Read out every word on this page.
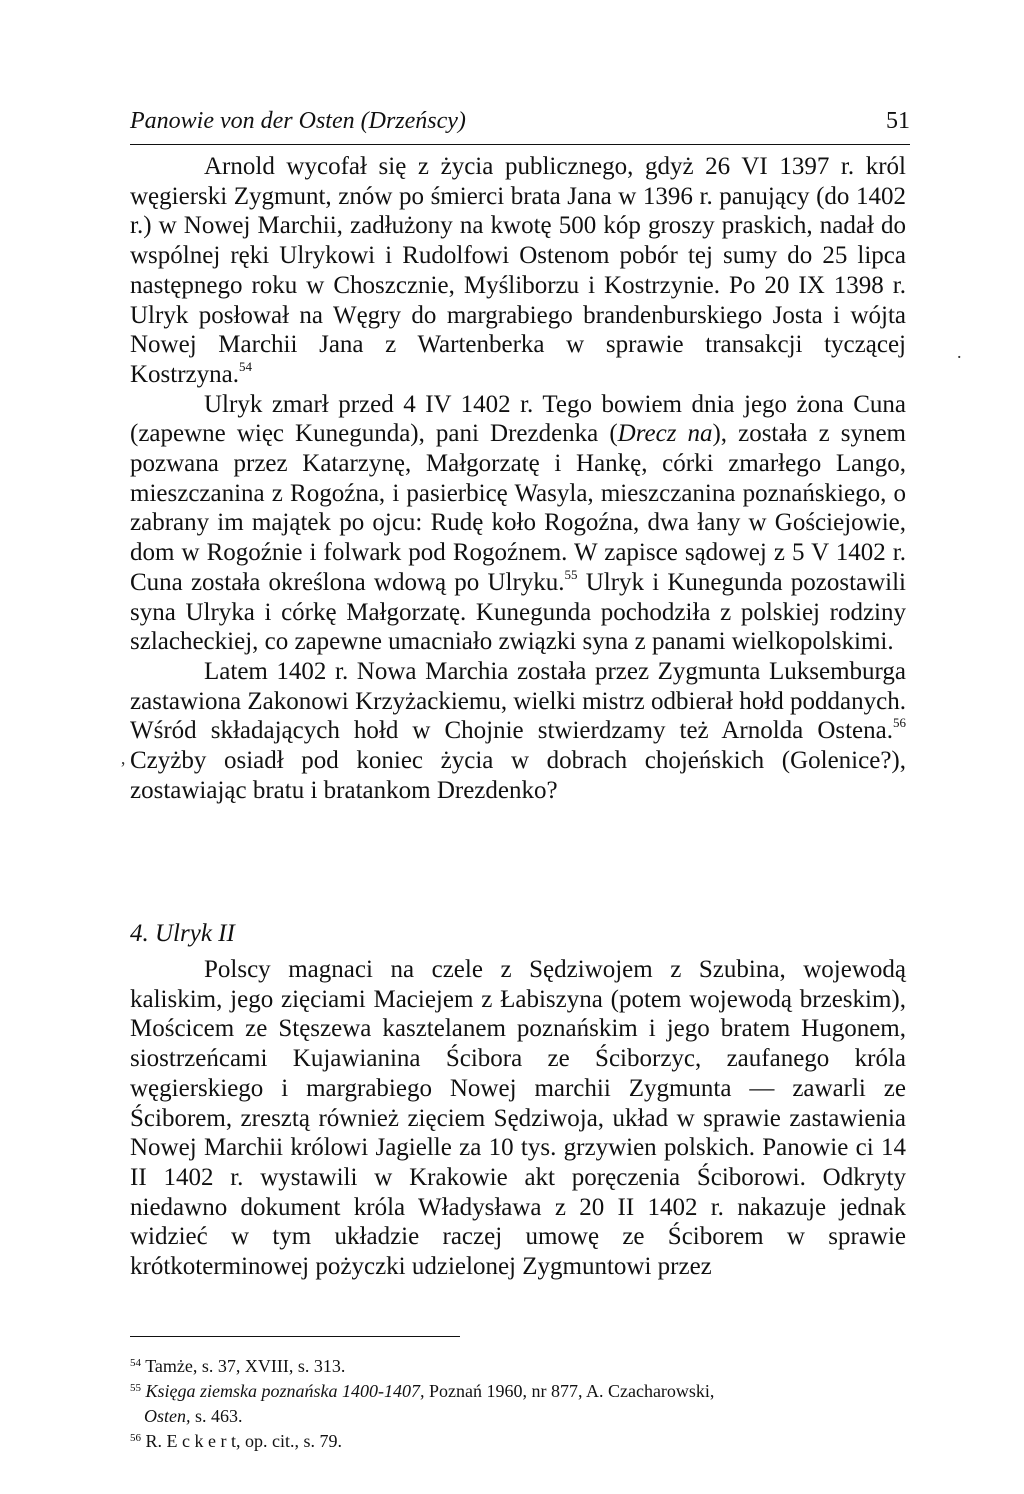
Panowie von der Osten (Drzeńscy)	51

Arnold wycofał się z życia publicznego, gdyż 26 VI 1397 r. król węgierski Zygmunt, znów po śmierci brata Jana w 1396 r. panujący (do 1402 r.) w Nowej Marchii, zadłużony na kwotę 500 kóp groszy praskich, nadał do wspólnej ręki Ulrykowi i Rudolfowi Ostenom pobór tej sumy do 25 lipca następnego roku w Choszcznie, Myśliborzu i Kostrzynie. Po 20 IX 1398 r. Ulryk posłował na Węgry do margrabiego brandenburskiego Josta i wójta Nowej Marchii Jana z Wartenberka w sprawie transakcji tyczącej Kostrzyna.$^{54}$

Ulryk zmarł przed 4 IV 1402 r. Tego bowiem dnia jego żona Cuna (zapewne więc Kunegunda), pani Drezdenka (Drecz na), została z synem pozwana przez Katarzynę, Małgorzatę i Hankę, córki zmarłego Lango, mieszczanina z Rogoźna, i pasierbicę Wasyla, mieszczanina poznańskiego, o zabrany im majątek po ojcu: Rudę koło Rogoźna, dwa łany w Gościejowie, dom w Rogoźnie i folwark pod Rogoźnem. W zapisce sądowej z 5 V 1402 r. Cuna została określona wdową po Ulryku.$^{55}$ Ulryk i Kunegunda pozostawili syna Ulryka i córkę Małgorzatę. Kunegunda pochodziła z polskiej rodziny szlacheckiej, co zapewne umacniało związki syna z panami wielkopolskimi.

Latem 1402 r. Nowa Marchia została przez Zygmunta Luksemburga zastawiona Zakonowi Krzyżackiemu, wielki mistrz odbierał hołd poddanych. Wśród składających hołd w Chojnie stwierdzamy też Arnolda Ostena.$^{56}$ Czyżby osiadł pod koniec życia w dobrach chojeńskich (Golenice?), zostawiając bratu i bratankom Drezdenko?

4. Ulryk II

Polscy magnaci na czele z Sędziwojem z Szubina, wojewodą kaliskim, jego zięciami Maciejem z Łabiszyna (potem wojewodą brzeskim), Mościcem ze Stęszewa kasztelanem poznańskim i jego bratem Hugonem, siostrzeńcami Kujawianina Ścibora ze Ściborzyc, zaufanego króla węgierskiego i margrabiego Nowej marchii Zygmunta — zawarli ze Ściborem, zresztą również zięciem Sędziwoja, układ w sprawie zastawienia Nowej Marchii królowi Jagielle za 10 tys. grzywien polskich. Panowie ci 14 II 1402 r. wystawili w Krakowie akt poręczenia Ściborowi. Odkryty niedawno dokument króla Władysława z 20 II 1402 r. nakazuje jednak widzieć w tym układzie raczej umowę ze Ściborem w sprawie krótkoterminowej pożyczki udzielonej Zygmuntowi przez

$^{54}$ Tamże, s. 37, XVIII, s. 313.

$^{55}$ Księga ziemska poznańska 1400-1407, Poznań 1960, nr 877, A. Czacharowski,
Osten, s. 463.

$^{56}$ R. E c k e r t, op. cit., s. 79.

.
’
